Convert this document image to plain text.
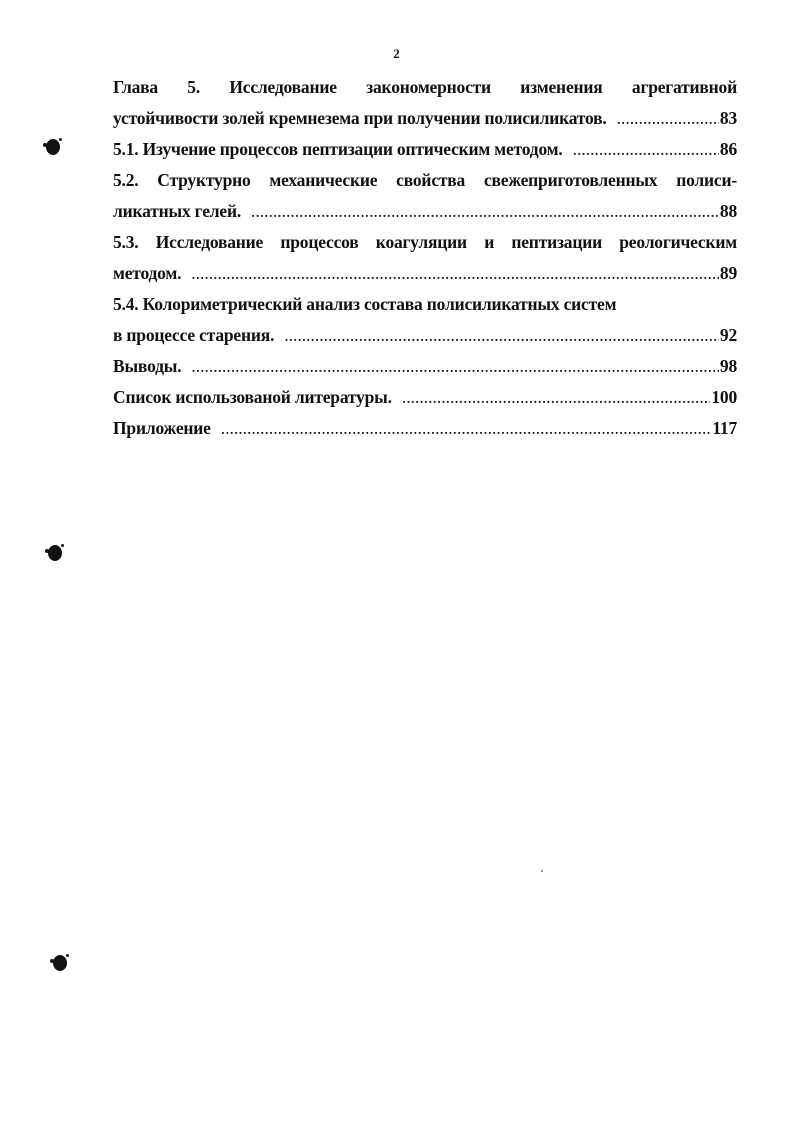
2
Глава 5. Исследование закономерности изменения агрегативной
устойчивости золей кремнезема при получении полисиликатов. .....	83
5.1. Изучение процессов пептизации оптическим методом. .....	86
5.2. Структурно механические свойства свежеприготовленных полиси-
ликатных гелей. .....	88
5.3. Исследование процессов коагуляции и пептизации реологическим
методом. .....	89
5.4. Колориметрический анализ состава полисиликатных систем
в процессе старения. .....	92
Выводы. .....	98
Список использованой литературы. .....	100
Приложение .....	117
